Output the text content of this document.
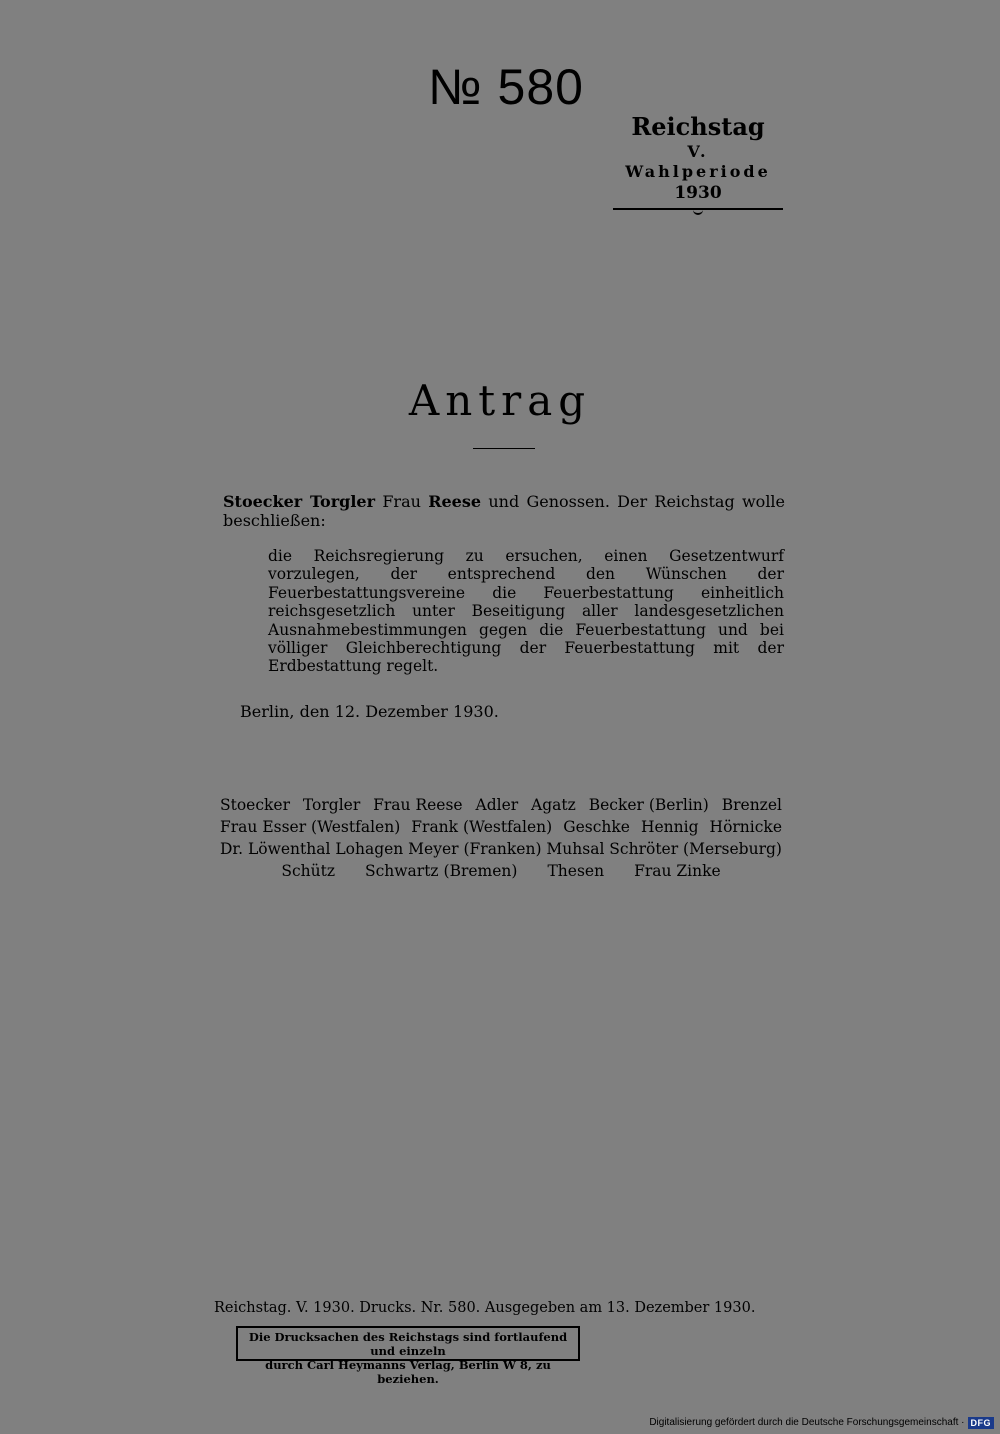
№ 580
Reichstag
V. Wahlperiode
1930
Antrag
Stoecker Torgler Frau Reese und Genossen. Der Reichstag wolle beschließen:
die Reichsregierung zu ersuchen, einen Gesetzentwurf vorzulegen, der entsprechend den Wünschen der Feuerbestattungsvereine die Feuerbestattung einheitlich reichsgesetzlich unter Beseitigung aller landesgesetzlichen Ausnahmebestimmungen gegen die Feuerbestattung und bei völliger Gleichberechtigung der Feuerbestattung mit der Erdbestattung regelt.
Berlin, den 12. Dezember 1930.
Stoecker Torgler Frau Reese Adler Agatz Becker (Berlin) Brenzel
Frau Esser (Westfalen) Frank (Westfalen) Geschke Hennig Hörnicke
Dr. Löwenthal Lohagen Meyer (Franken) Muhsal Schröter (Merseburg)
Schütz Schwartz (Bremen) Thesen Frau Zinke
Reichstag. V. 1930. Drucks. Nr. 580. Ausgegeben am 13. Dezember 1930.
Die Drucksachen des Reichstags sind fortlaufend und einzeln
durch Carl Heymanns Verlag, Berlin W 8, zu beziehen.
Digitalisierung gefördert durch die Deutsche Forschungsgemeinschaft · DFG
